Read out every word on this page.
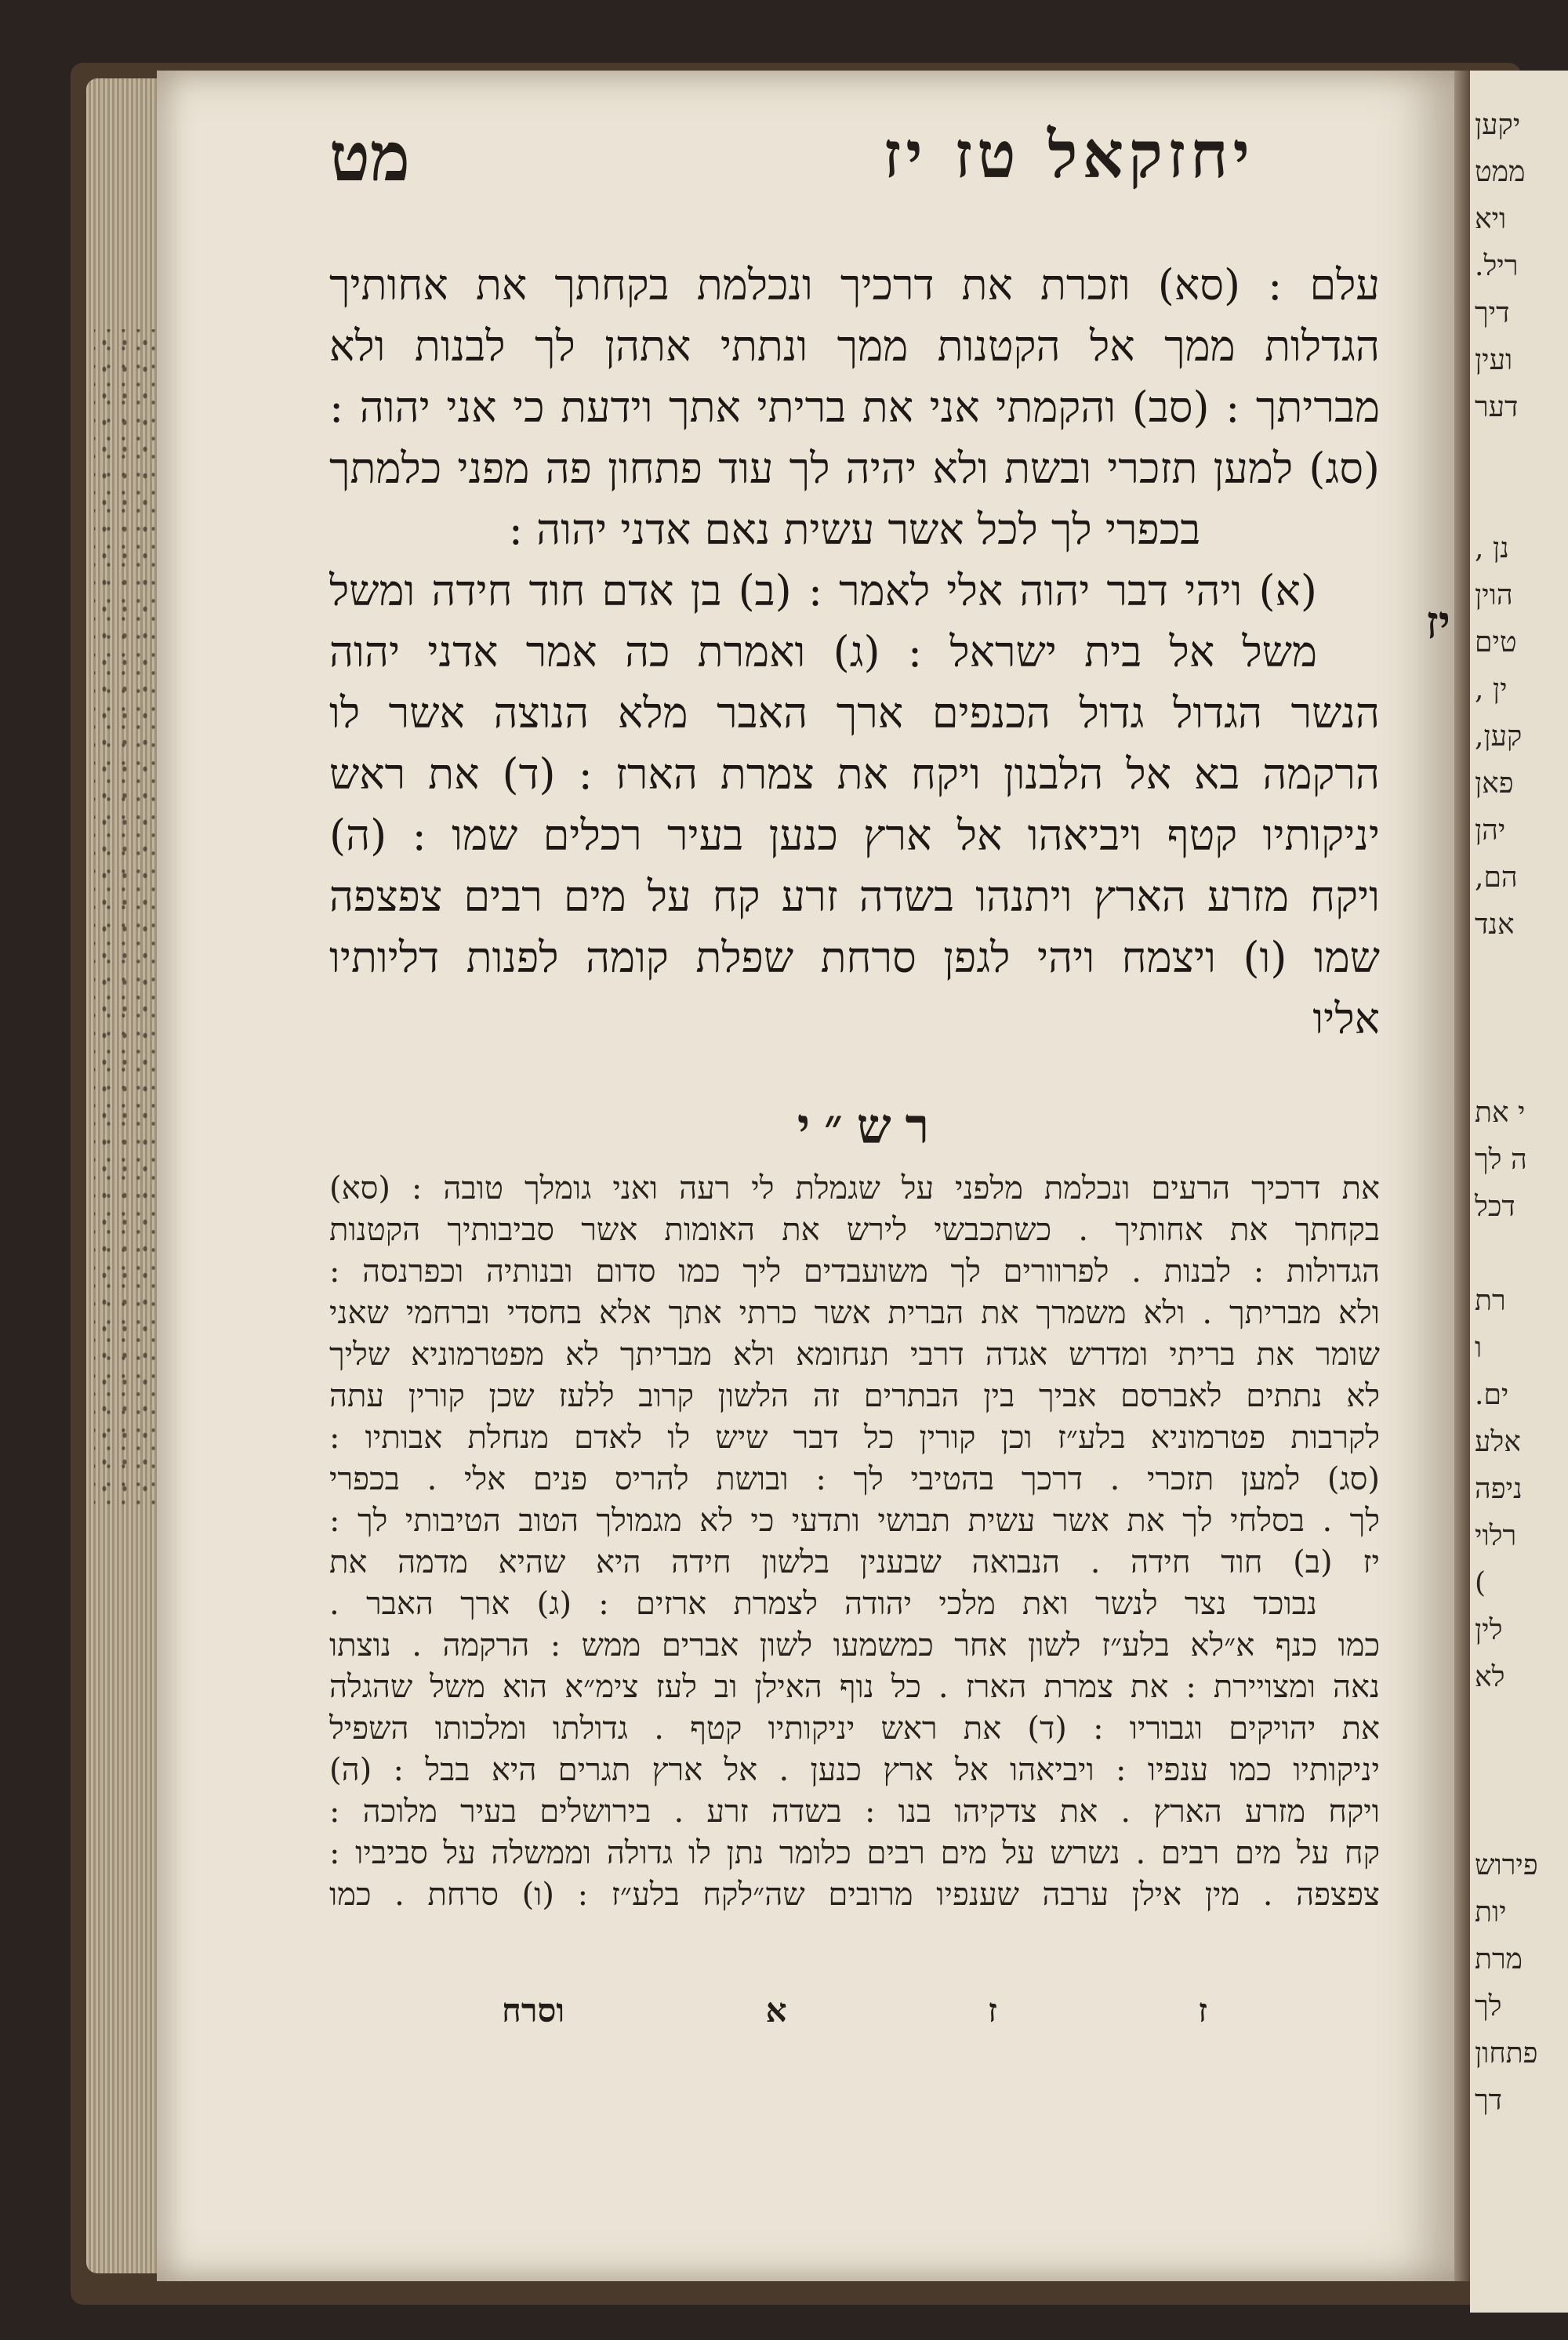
יקען
ממט
ויא
ריל.
דיך
ועין
דער
נן ,
הוין
טים
ין ,
קען,
פאן
יהן
הם,
אנד
י את
ה לך
דכל
רת
ו
ים.
אלע
ניפה
רלוי
)
לין
לא
פירוש
יות
מרת
לך
פתחון
דך
יחזקאל טז יז
מט
עלם : (סא) וזכרת את דרכיך ונכלמת בקחתך את אחותיך
הגדלות ממך אל הקטנות ממך ונתתי אתהן לך לבנות ולא
מבריתך : (סב) והקמתי אני את בריתי אתך וידעת כי אני יהוה :
(סג) למען תזכרי ובשת ולא יהיה לך עוד פתחון פה מפני כלמתך
בכפרי לך לכל אשר עשית נאם אדני יהוה :
(א) ויהי דבר יהוה אלי לאמר : (ב) בן אדם חוד חידה ומשל
משל אל בית ישראל : (ג) ואמרת כה אמר אדני יהוה
הנשר הגדול גדול הכנפים ארך האבר מלא הנוצה אשר לו
הרקמה בא אל הלבנון ויקח את צמרת הארז : (ד) את ראש
יניקותיו קטף ויביאהו אל ארץ כנען בעיר רכלים שמו : (ה)
ויקח מזרע הארץ ויתנהו בשדה זרע קח על מים רבים צפצפה
שמו (ו) ויצמח ויהי לגפן סרחת שפלת קומה לפנות דליותיו
אליו
יז
רש״י
את דרכיך הרעים ונכלמת מלפני על שגמלת לי רעה ואני גומלך טובה : (סא)
בקחתך את אחותיך . כשתכבשי לירש את האומות אשר סביבותיך הקטנות
הגדולות : לבנות . לפרוורים לך משועבדים ליך כמו סדום ובנותיה וכפרנסה :
ולא מבריתך . ולא משמרך את הברית אשר כרתי אתך אלא בחסדי וברחמי שאני
שומר את בריתי ומדרש אגדה דרבי תנחומא ולא מבריתך לא מפטרמוניא שליך
לא נתתים לאברסם אביך בין הבתרים זה הלשון קרוב ללעז שכן קורין עתה
לקרבות פטרמוניא בלע״ז וכן קורין כל דבר שיש לו לאדם מנחלת אבותיו :
(סג) למען תזכרי . דרכך בהטיבי לך : ובושת להריס פנים אלי . בכפרי
לך . בסלחי לך את אשר עשית תבושי ותדעי כי לא מגמולך הטוב הטיבותי לך :
יז (ב) חוד חידה . הנבואה שבענין בלשון חידה היא שהיא מדמה את
נבוכד נצר לנשר ואת מלכי יהודה לצמרת ארזים : (ג) ארך האבר .
כמו כנף א״לא בלע״ז לשון אחר כמשמעו לשון אברים ממש : הרקמה . נוצתו
נאה ומצויירת : את צמרת הארז . כל נוף האילן וב לעז צימ״א הוא משל שהגלה
את יהויקים וגבוריו : (ד) את ראש יניקותיו קטף . גדולתו ומלכותו השפיל
יניקותיו כמו ענפיו : ויביאהו אל ארץ כנען . אל ארץ תגרים היא בבל : (ה)
ויקח מזרע הארץ . את צדקיהו בנו : בשדה זרע . בירושלים בעיר מלוכה :
קח על מים רבים . נשרש על מים רבים כלומר נתן לו גדולה וממשלה על סביביו :
צפצפה . מין אילן ערבה שענפיו מרובים שה״לקח בלע״ז : (ו) סרחת . כמו
ז
ז
א
וסרח
